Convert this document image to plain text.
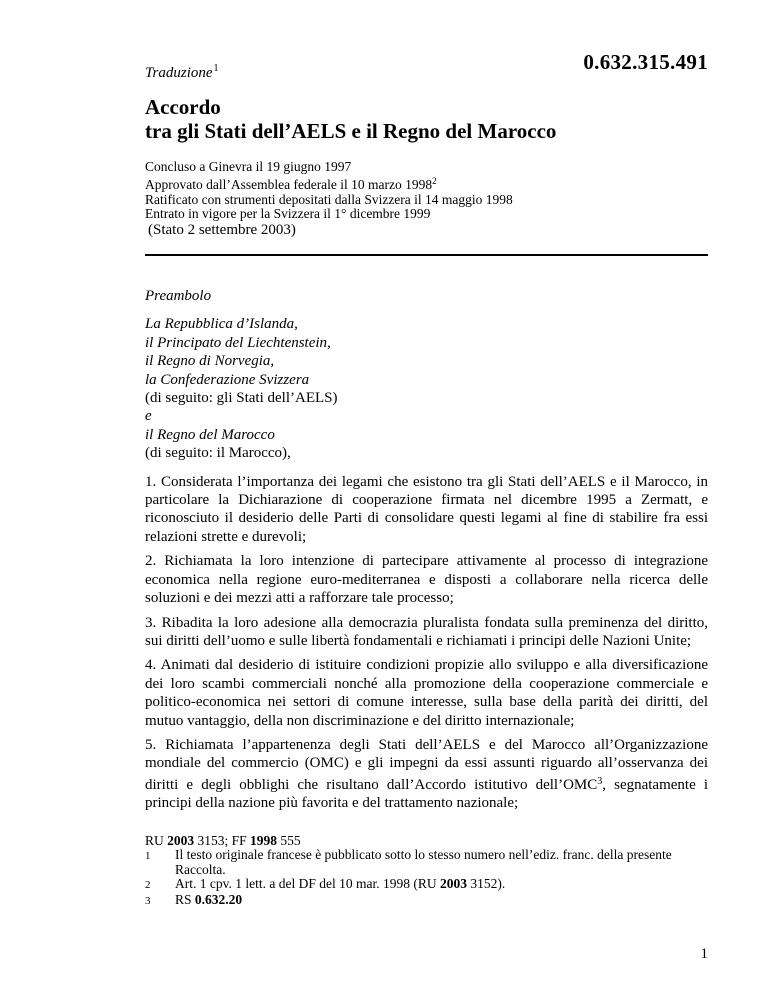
Traduzione$^1$	0.632.315.491
Accordo
tra gli Stati dell’AELS e il Regno del Marocco
Concluso a Ginevra il 19 giugno 1997
Approvato dall’Assemblea federale il 10 marzo 1998$^2$
Ratificato con strumenti depositati dalla Svizzera il 14 maggio 1998
Entrato in vigore per la Svizzera il 1° dicembre 1999
(Stato 2 settembre 2003)
Preambolo
La Repubblica d’Islanda,
il Principato del Liechtenstein,
il Regno di Norvegia,
la Confederazione Svizzera
(di seguito: gli Stati dell’AELS)
e
il Regno del Marocco
(di seguito: il Marocco),

1. Considerata l’importanza dei legami che esistono tra gli Stati dell’AELS e il Marocco, in particolare la Dichiarazione di cooperazione firmata nel dicembre 1995 a Zermatt, e riconosciuto il desiderio delle Parti di consolidare questi legami al fine di stabilire fra essi relazioni strette e durevoli;

2. Richiamata la loro intenzione di partecipare attivamente al processo di integrazione economica nella regione euro-mediterranea e disposti a collaborare nella ricerca delle soluzioni e dei mezzi atti a rafforzare tale processo;

3. Ribadita la loro adesione alla democrazia pluralista fondata sulla preminenza del diritto, sui diritti dell’uomo e sulle libertà fondamentali e richiamati i principi delle Nazioni Unite;

4. Animati dal desiderio di istituire condizioni propizie allo sviluppo e alla diversificazione dei loro scambi commerciali nonché alla promozione della cooperazione commerciale e politico-economica nei settori di comune interesse, sulla base della parità dei diritti, del mutuo vantaggio, della non discriminazione e del diritto internazionale;

5. Richiamata l’appartenenza degli Stati dell’AELS e del Marocco all’Organizzazione mondiale del commercio (OMC) e gli impegni da essi assunti riguardo all’osservanza dei diritti e degli obblighi che risultano dall’Accordo istitutivo dell’OMC$^3$, segnatamente i principi della nazione più favorita e del trattamento nazionale;

RU 2003 3153; FF 1998 555
1	Il testo originale francese è pubblicato sotto lo stesso numero nell’ediz. franc. della presente Raccolta.
2	Art. 1 cpv. 1 lett. a del DF del 10 mar. 1998 (RU 2003 3152).
3	RS 0.632.20
1
